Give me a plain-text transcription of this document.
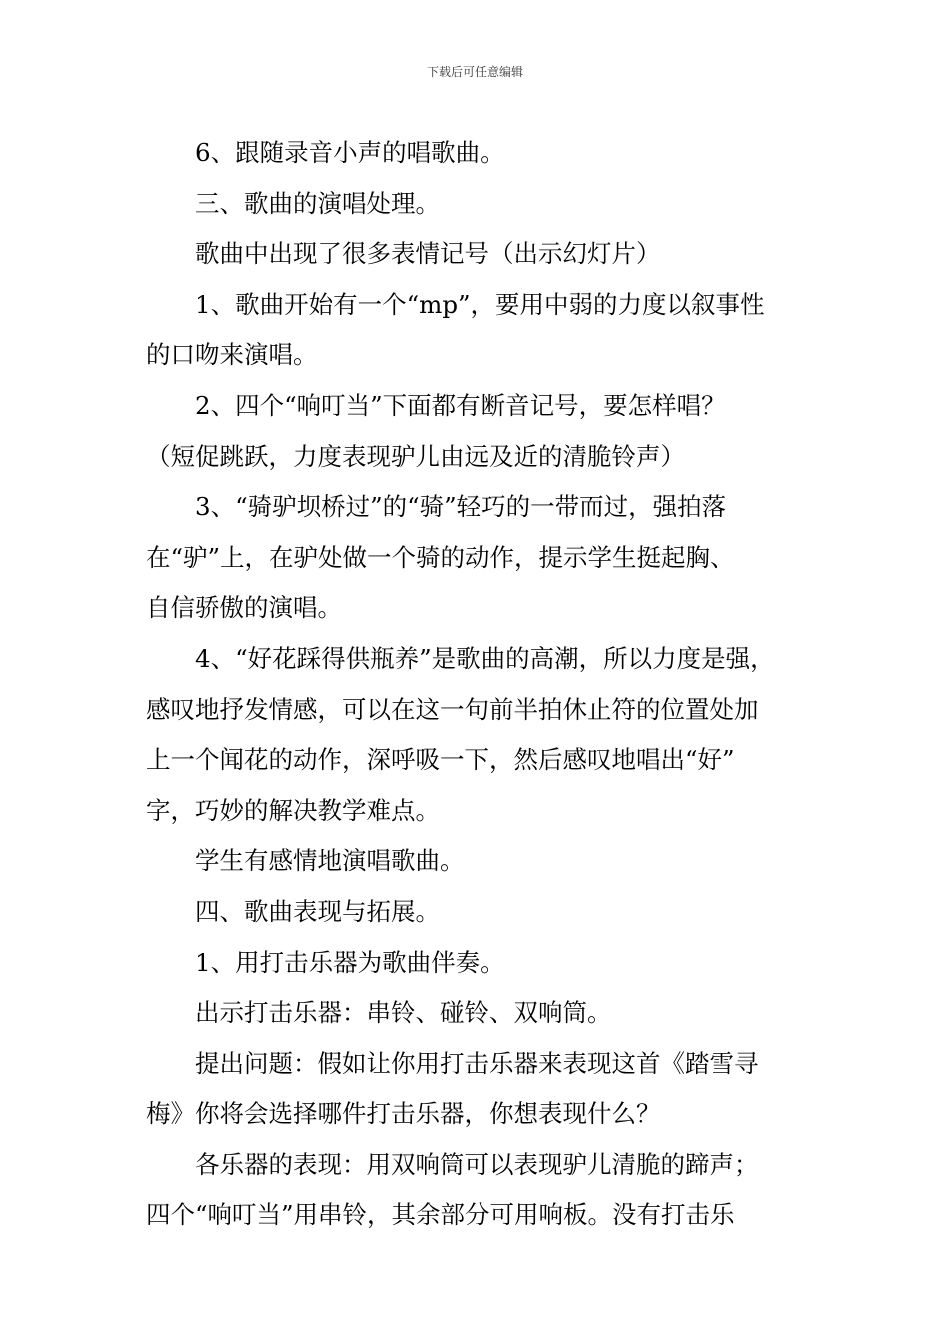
下载后可任意编辑
6、跟随录音小声的唱歌曲。
三、歌曲的演唱处理。
歌曲中出现了很多表情记号（出示幻灯片）
1、歌曲开始有一个“mp”，要用中弱的力度以叙事性
的口吻来演唱。
2、四个“响叮当”下面都有断音记号，要怎样唱？
（短促跳跃，力度表现驴儿由远及近的清脆铃声）
3、“骑驴坝桥过”的“骑”轻巧的一带而过，强拍落
在“驴”上，在驴处做一个骑的动作，提示学生挺起胸、
自信骄傲的演唱。
4、“好花踩得供瓶养”是歌曲的高潮，所以力度是强，
感叹地抒发情感，可以在这一句前半拍休止符的位置处加
上一个闻花的动作，深呼吸一下，然后感叹地唱出“好”
字，巧妙的解决教学难点。
学生有感情地演唱歌曲。
四、歌曲表现与拓展。
1、用打击乐器为歌曲伴奏。
出示打击乐器：串铃、碰铃、双响筒。
提出问题：假如让你用打击乐器来表现这首《踏雪寻
梅》你将会选择哪件打击乐器，你想表现什么？
各乐器的表现：用双响筒可以表现驴儿清脆的蹄声；
四个“响叮当”用串铃，其余部分可用响板。没有打击乐
